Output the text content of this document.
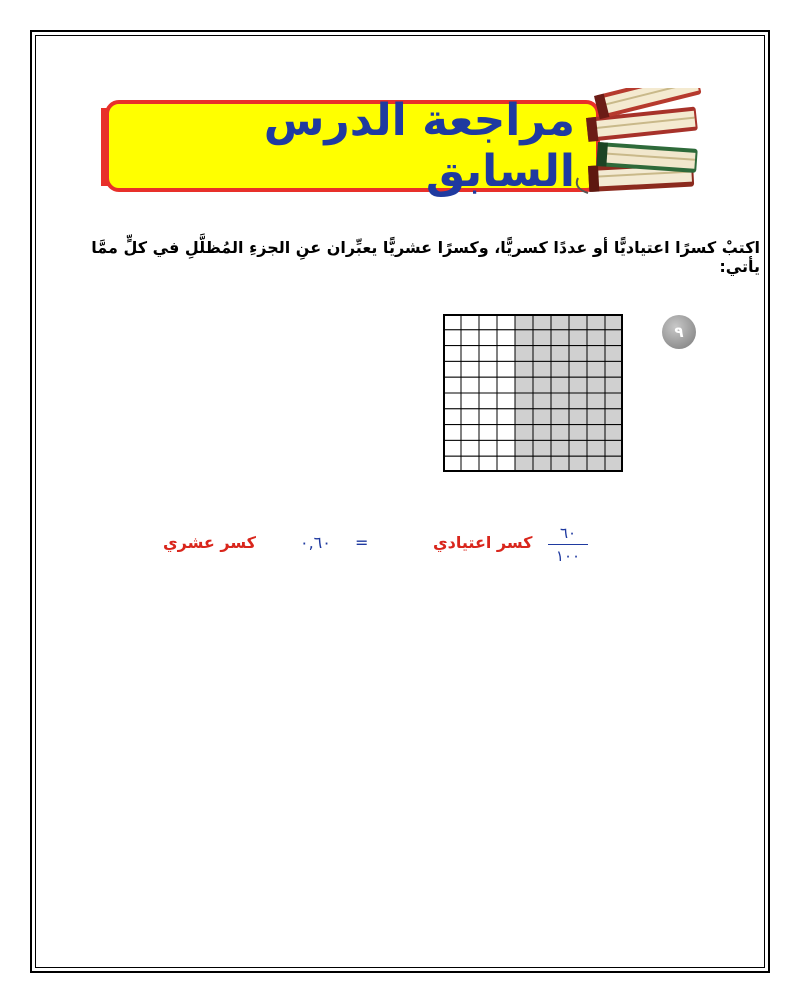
مراجعة الدرس السابق
اكتبْ كسرًا اعتياديًّا أو عددًا كسريًّا، وكسرًا عشريًّا يعبِّران عنِ الجزءِ المُظلَّلِ في كلٍّ ممَّا يأتي:
٩
٦٠
١٠٠
كسر اعتيادي
=
٠,٦٠
كسر عشري
